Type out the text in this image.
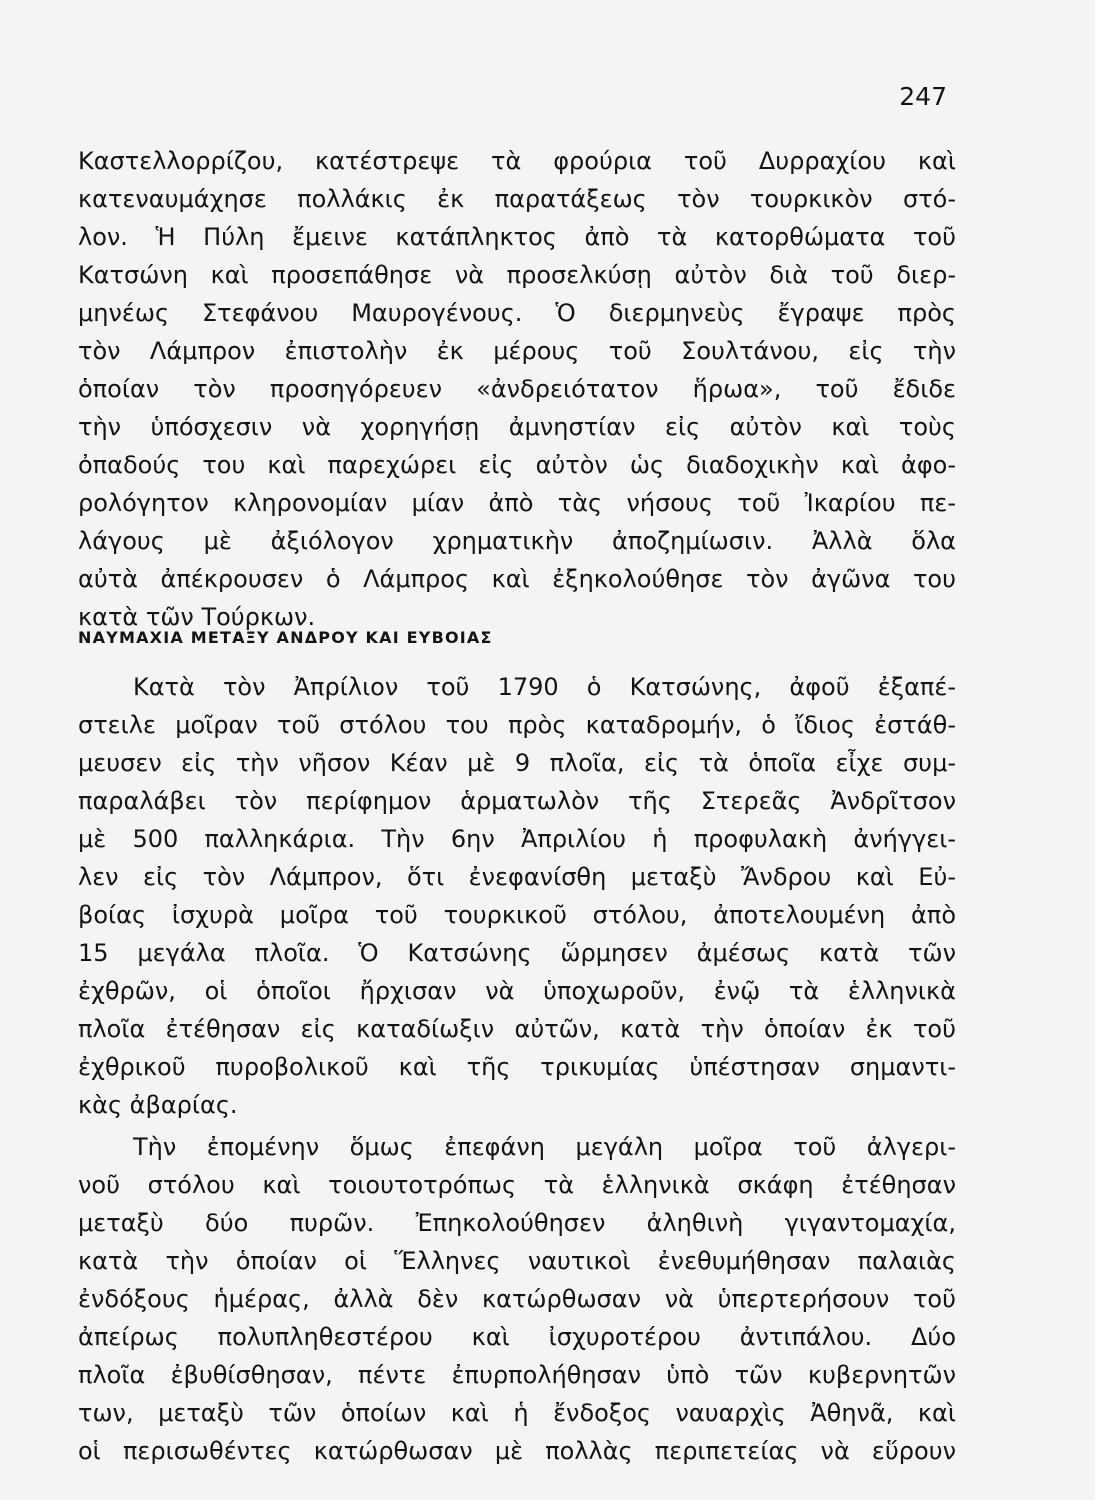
247

Καστελλορρίζου, κατέστρεψε τὰ φρούρια τοῦ Δυρραχίου καὶ

κατεναυμάχησε πολλάκις ἐκ παρατάξεως τὸν τουρκικὸν στό-

λον. Ἡ Πύλη ἔμεινε κατάπληκτος ἀπὸ τὰ κατορθώματα τοῦ

Κατσώνη καὶ προσεπάθησε νὰ προσελκύσῃ αὐτὸν διὰ τοῦ διερ-

μηνέως Στεφάνου Μαυρογένους. Ὁ διερμηνεὺς ἔγραψε πρὸς

τὸν Λάμπρον ἐπιστολὴν ἐκ μέρους τοῦ Σουλτάνου, εἰς τὴν

ὁποίαν τὸν προσηγόρευεν «ἀνδρειότατον ἥρωα», τοῦ ἔδιδε

τὴν ὑπόσχεσιν νὰ χορηγήσῃ ἀμνηστίαν εἰς αὐτὸν καὶ τοὺς

ὀπαδούς του καὶ παρεχώρει εἰς αὐτὸν ὡς διαδοχικὴν καὶ ἀφο-

ρολόγητον κληρονομίαν μίαν ἀπὸ τὰς νήσους τοῦ Ἰκαρίου πε-

λάγους μὲ ἀξιόλογον χρηματικὴν ἀποζημίωσιν. Ἀλλὰ ὅλα

αὐτὰ ἀπέκρουσεν ὁ Λάμπρος καὶ ἐξηκολούθησε τὸν ἀγῶνα του

κατὰ τῶν Τούρκων.

ΝΑΥΜΑΧΙΑ ΜΕΤΑΞΥ ΑΝΔΡΟΥ ΚΑΙ ΕΥΒΟΙΑΣ

Κατὰ τὸν Ἀπρίλιον τοῦ 1790 ὁ Κατσώνης, ἀφοῦ ἐξαπέ-

στειλε μοῖραν τοῦ στόλου του πρὸς καταδρομήν, ὁ ἴδιος ἐστάθ-

μευσεν εἰς τὴν νῆσον Κέαν μὲ 9 πλοῖα, εἰς τὰ ὁποῖα εἶχε συμ-

παραλάβει τὸν περίφημον ἁρματωλὸν τῆς Στερεᾶς Ἀνδρῖτσον

μὲ 500 παλληκάρια. Τὴν 6ην Ἀπριλίου ἡ προφυλακὴ ἀνήγγει-

λεν εἰς τὸν Λάμπρον, ὅτι ἐνεφανίσθη μεταξὺ Ἄνδρου καὶ Εὐ-

βοίας ἰσχυρὰ μοῖρα τοῦ τουρκικοῦ στόλου, ἀποτελουμένη ἀπὸ

15 μεγάλα πλοῖα. Ὁ Κατσώνης ὥρμησεν ἀμέσως κατὰ τῶν

ἐχθρῶν, οἱ ὁποῖοι ἤρχισαν νὰ ὑποχωροῦν, ἐνῷ τὰ ἑλληνικὰ

πλοῖα ἐτέθησαν εἰς καταδίωξιν αὐτῶν, κατὰ τὴν ὁποίαν ἐκ τοῦ

ἐχθρικοῦ πυροβολικοῦ καὶ τῆς τρικυμίας ὑπέστησαν σημαντι-

κὰς ἀβαρίας.

Τὴν ἐπομένην ὅμως ἐπεφάνη μεγάλη μοῖρα τοῦ ἀλγερι-

νοῦ στόλου καὶ τοιουτοτρόπως τὰ ἑλληνικὰ σκάφη ἐτέθησαν

μεταξὺ δύο πυρῶν. Ἐπηκολούθησεν ἀληθινὴ γιγαντομαχία,

κατὰ τὴν ὁποίαν οἱ Ἕλληνες ναυτικοὶ ἐνεθυμήθησαν παλαιὰς

ἐνδόξους ἡμέρας, ἀλλὰ δὲν κατώρθωσαν νὰ ὑπερτερήσουν τοῦ

ἀπείρως πολυπληθεστέρου καὶ ἰσχυροτέρου ἀντιπάλου. Δύο

πλοῖα ἐβυθίσθησαν, πέντε ἐπυρπολήθησαν ὑπὸ τῶν κυβερνητῶν

των, μεταξὺ τῶν ὁποίων καὶ ἡ ἔνδοξος ναυαρχὶς Ἀθηνᾶ, καὶ

οἱ περισωθέντες κατώρθωσαν μὲ πολλὰς περιπετείας νὰ εὕρουν
